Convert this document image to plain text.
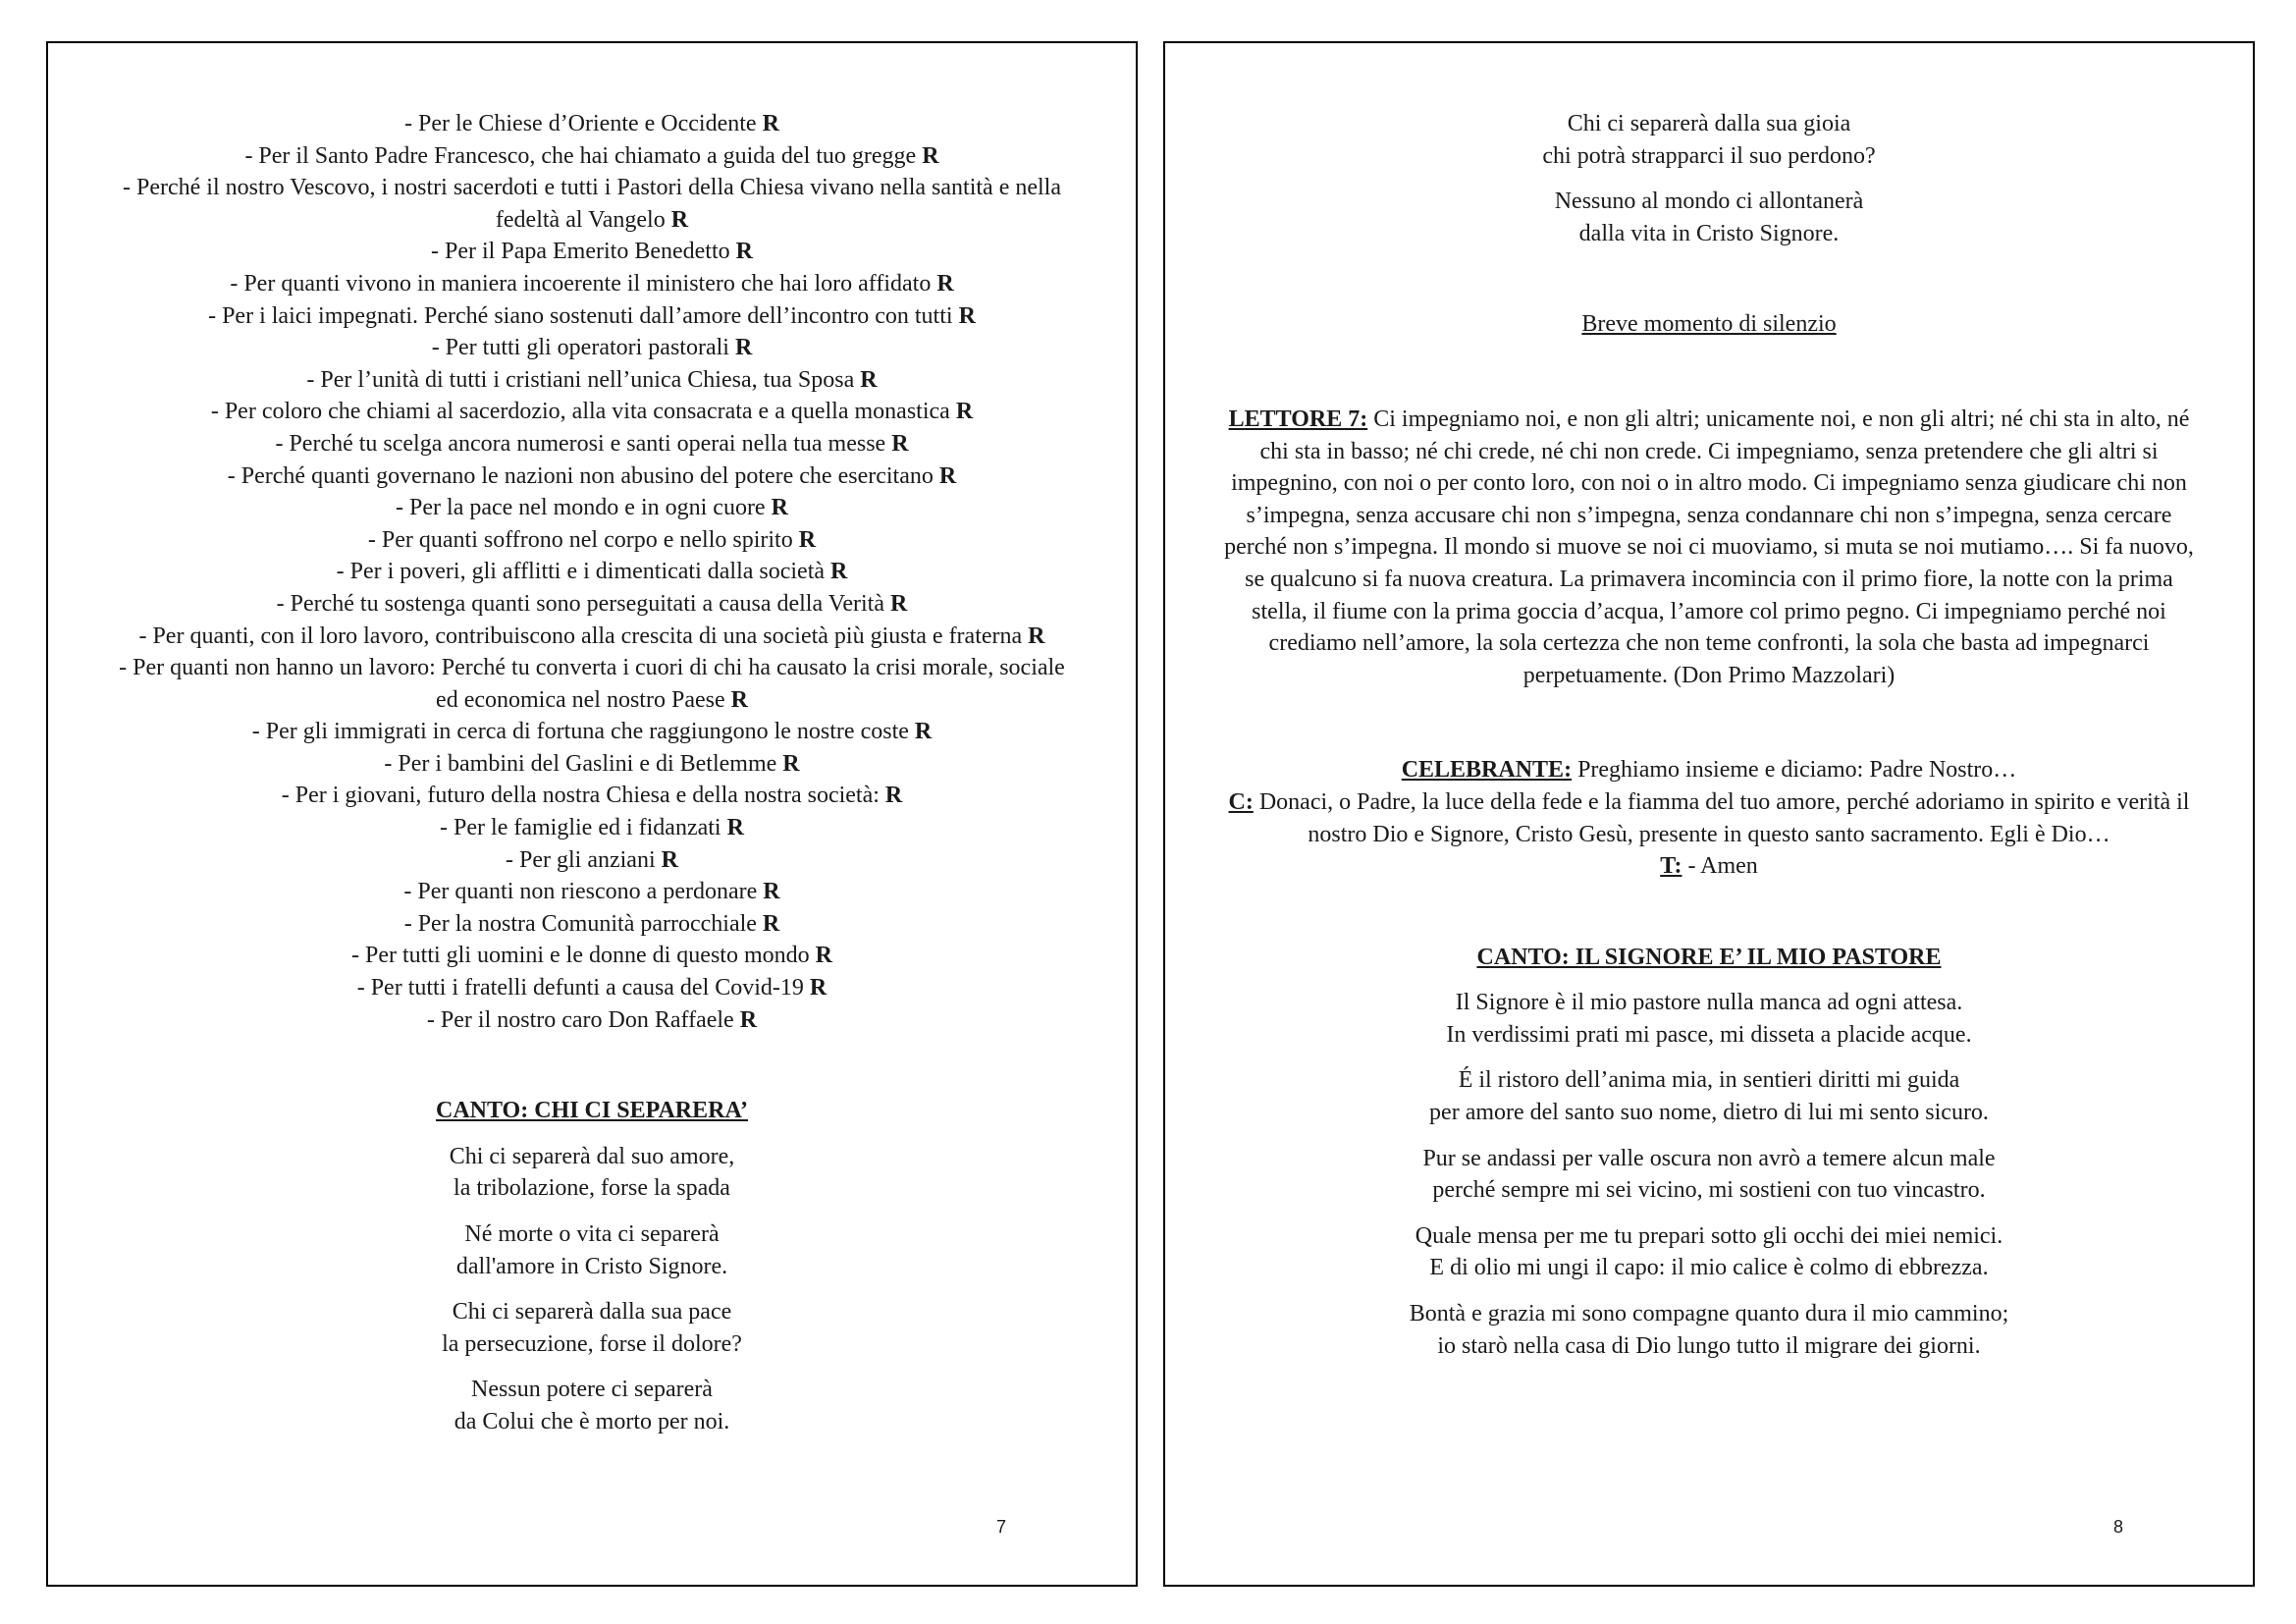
- Per le Chiese d’Oriente e Occidente R
- Per il Santo Padre Francesco, che hai chiamato a guida del tuo gregge R
- Perché il nostro Vescovo, i nostri sacerdoti e tutti i Pastori della Chiesa vivano nella santità e nella fedeltà al Vangelo R
- Per il Papa Emerito Benedetto R
- Per quanti vivono in maniera incoerente il ministero che hai loro affidato R
- Per i laici impegnati. Perché siano sostenuti dall’amore dell’incontro con tutti R
- Per tutti gli operatori pastorali R
- Per l’unità di tutti i cristiani nell’unica Chiesa, tua Sposa R
- Per coloro che chiami al sacerdozio, alla vita consacrata e a quella monastica R
- Perché tu scelga ancora numerosi e santi operai nella tua messe R
- Perché quanti governano le nazioni non abusino del potere che esercitano R
- Per la pace nel mondo e in ogni cuore R
- Per quanti soffrono nel corpo e nello spirito R
- Per i poveri, gli afflitti e i dimenticati dalla società R
- Perché tu sostenga quanti sono perseguitati a causa della Verità R
- Per quanti, con il loro lavoro, contribuiscono alla crescita di una società più giusta e fraterna R
- Per quanti non hanno un lavoro: Perché tu converta i cuori di chi ha causato la crisi morale, sociale ed economica nel nostro Paese R
- Per gli immigrati in cerca di fortuna che raggiungono le nostre coste R
- Per i bambini del Gaslini e di Betlemme R
- Per i giovani, futuro della nostra Chiesa e della nostra società: R
- Per le famiglie ed i fidanzati R
- Per gli anziani R
- Per quanti non riescono a perdonare R
- Per la nostra Comunità parrocchiale R
- Per tutti gli uomini e le donne di questo mondo R
- Per tutti i fratelli defunti a causa del Covid-19 R
- Per il nostro caro Don Raffaele R
CANTO: CHI CI SEPARERA’
Chi ci separerà dal suo amore,
la tribolazione, forse la spada
Né morte o vita ci separerà
dall'amore in Cristo Signore.
Chi ci separerà dalla sua pace
la persecuzione, forse il dolore?
Nessun potere ci separerà
da Colui che è morto per noi.
7
Chi ci separerà dalla sua gioia
chi potrà strapparci il suo perdono?
Nessuno al mondo ci allontanerà
dalla vita in Cristo Signore.
Breve momento di silenzio
LETTORE 7: Ci impegniamo noi, e non gli altri; unicamente noi, e non gli altri; né chi sta in alto, né chi sta in basso; né chi crede, né chi non crede. Ci impegniamo, senza pretendere che gli altri si impegnino, con noi o per conto loro, con noi o in altro modo. Ci impegniamo senza giudicare chi non s’impegna, senza accusare chi non s’impegna, senza condannare chi non s’impegna, senza cercare perché non s’impegna. Il mondo si muove se noi ci muoviamo, si muta se noi mutiamo…. Si fa nuovo, se qualcuno si fa nuova creatura. La primavera incomincia con il primo fiore, la notte con la prima stella, il fiume con la prima goccia d’acqua, l’amore col primo pegno. Ci impegniamo perché noi crediamo nell’amore, la sola certezza che non teme confronti, la sola che basta ad impegnarci perpetuamente. (Don Primo Mazzolari)
CELEBRANTE: Preghiamo insieme e diciamo: Padre Nostro…
C: Donaci, o Padre, la luce della fede e la fiamma del tuo amore, perché adoriamo in spirito e verità il nostro Dio e Signore, Cristo Gesù, presente in questo santo sacramento. Egli è Dio…
T: - Amen
CANTO: IL SIGNORE E’ IL MIO PASTORE
Il Signore è il mio pastore nulla manca ad ogni attesa.
In verdissimi prati mi pasce, mi disseta a placide acque.
É il ristoro dell’anima mia, in sentieri diritti mi guida
per amore del santo suo nome, dietro di lui mi sento sicuro.
Pur se andassi per valle oscura non avrò a temere alcun male
perché sempre mi sei vicino, mi sostieni con tuo vincastro.
Quale mensa per me tu prepari sotto gli occhi dei miei nemici.
E di olio mi ungi il capo: il mio calice è colmo di ebbrezza.
Bontà e grazia mi sono compagne quanto dura il mio cammino;
io starò nella casa di Dio lungo tutto il migrare dei giorni.
8
